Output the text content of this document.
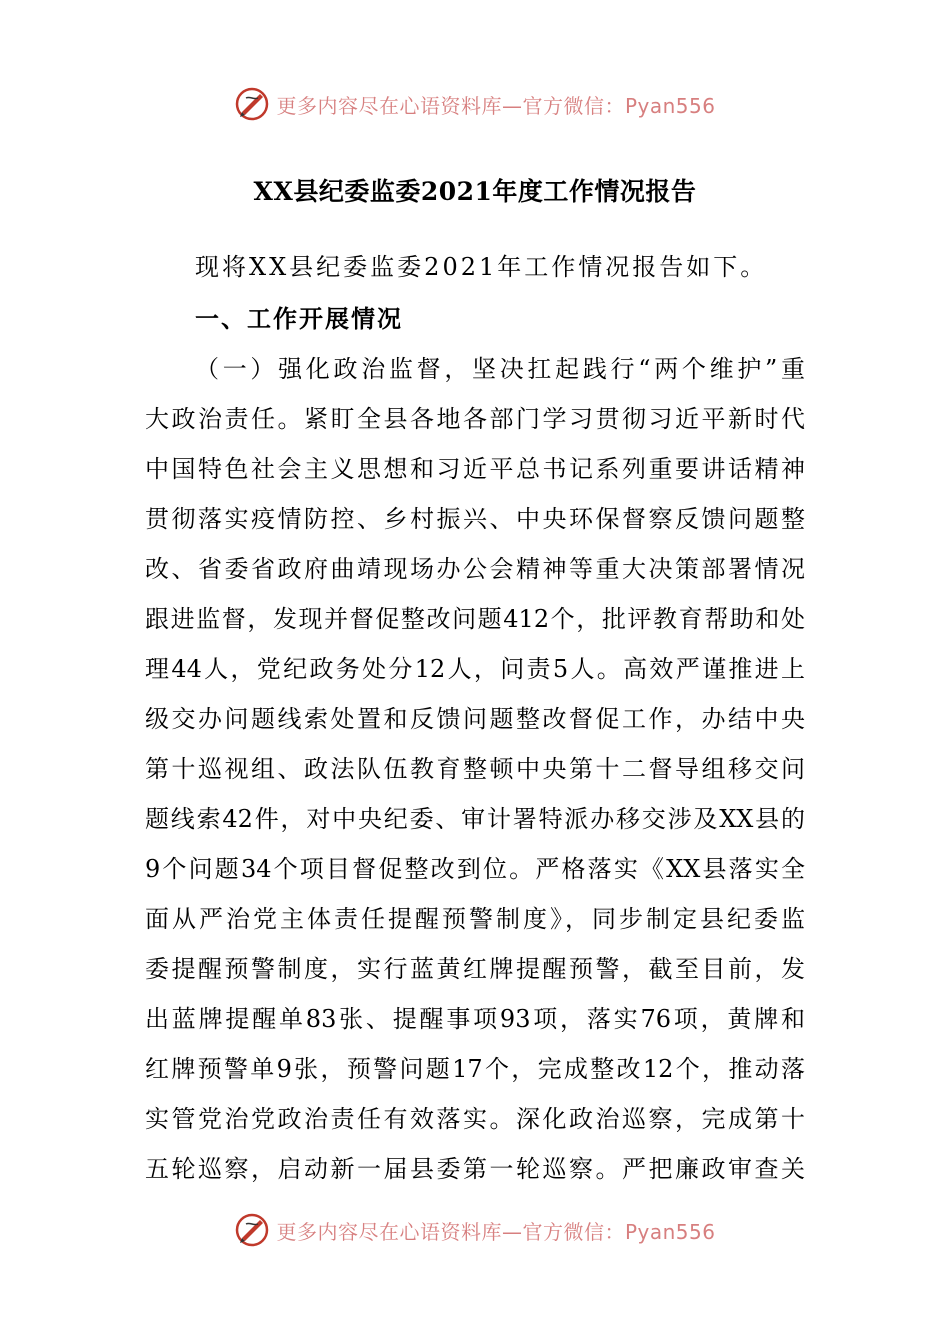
更多内容尽在心语资料库—官方微信：Pyan556
XX县纪委监委2021年度工作情况报告
现将XX县纪委监委2021年工作情况报告如下。
一、工作开展情况
（一）强化政治监督，坚决扛起践行“两个维护”重
大政治责任。紧盯全县各地各部门学习贯彻习近平新时代
中国特色社会主义思想和习近平总书记系列重要讲话精神
贯彻落实疫情防控、乡村振兴、中央环保督察反馈问题整
改、省委省政府曲靖现场办公会精神等重大决策部署情况
跟进监督，发现并督促整改问题412个，批评教育帮助和处
理44人，党纪政务处分12人，问责5人。高效严谨推进上
级交办问题线索处置和反馈问题整改督促工作，办结中央
第十巡视组、政法队伍教育整顿中央第十二督导组移交问
题线索42件，对中央纪委、审计署特派办移交涉及XX县的
9个问题34个项目督促整改到位。严格落实《XX县落实全
面从严治党主体责任提醒预警制度》，同步制定县纪委监
委提醒预警制度，实行蓝黄红牌提醒预警，截至目前，发
出蓝牌提醒单83张、提醒事项93项，落实76项，黄牌和
红牌预警单9张，预警问题17个，完成整改12个，推动落
实管党治党政治责任有效落实。深化政治巡察，完成第十
五轮巡察，启动新一届县委第一轮巡察。严把廉政审查关
更多内容尽在心语资料库—官方微信：Pyan556
